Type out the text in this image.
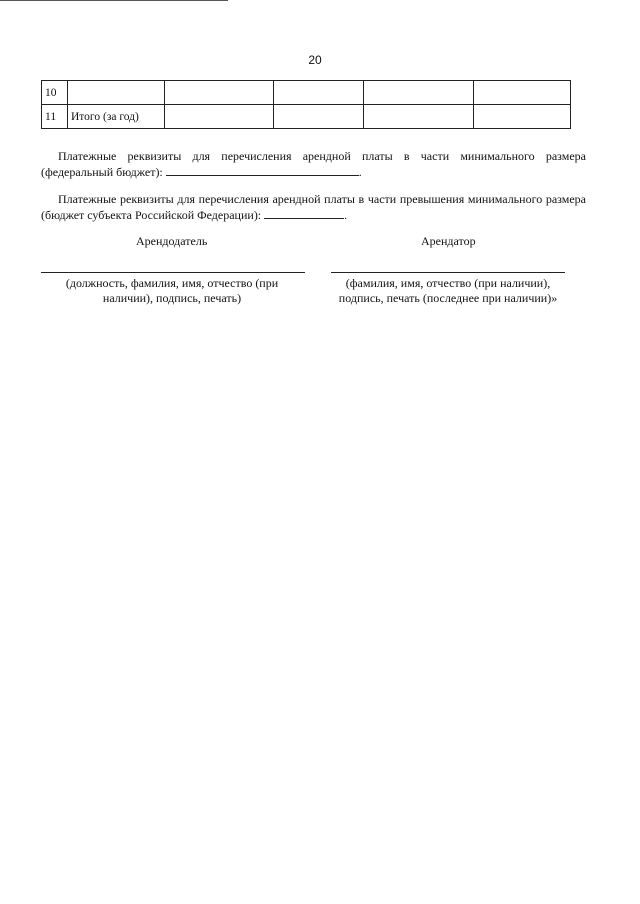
20
10					
11	Итого (за год)				
Платежные реквизиты для перечисления арендной платы в части минимального размера (федеральный бюджет):	.
Платежные реквизиты для перечисления арендной платы в части превышения минимального размера (бюджет субъекта Российской Федерации):	.
Арендодатель	Арендатор
(должность, фамилия, имя, отчество (при наличии), подпись, печать)
(фамилия, имя, отчество (при наличии), подпись, печать (последнее при наличии)»
